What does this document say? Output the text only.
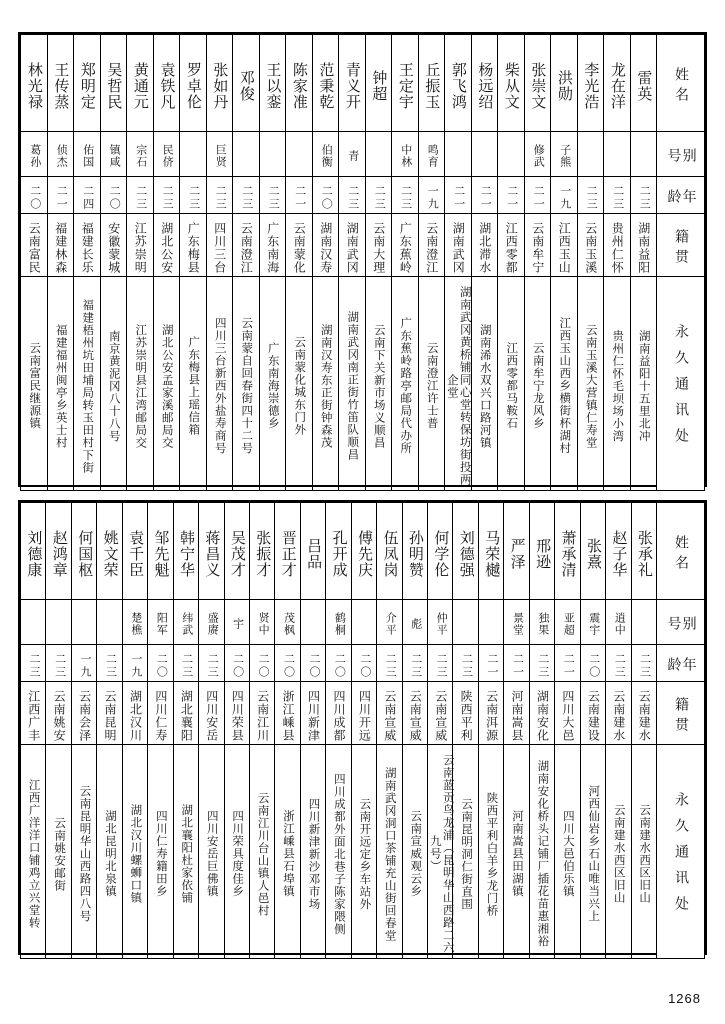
林光禄	王传蒸	郑明定	吴哲民	黄通元	袁铁凡	罗卓伦	张如丹	邓俊	王以銮	陈家准	范秉乾	青义开	钟超	王定宇	丘振玉	郭飞鸿	杨远绍	柴从文	张崇文	洪勋	李光浩	龙在洋	雷英	姓名

葛孙	侦杰	佑国	镇咸	宗石	民侪		巨贤				伯衡	青		中林	鸣育				修武	子熊				别号

二〇	二一	二四	二〇	二三	二三	二三	二三	二三	二三	二一	二〇	二三	二三	二三	一九	二一	二一	二一	二一	一九	二三	二三	二三	年龄

云南富民	福建林森	福建长乐	安徽蒙城	江苏崇明	湖北公安	广东梅县	四川三台	云南澄江	广东南海	云南蒙化	湖南汉寿	湖南武冈	云南大理	广东蕉岭	云南澄江	湖南武冈	湖北滞水	江西零都	云南牟宁	江西玉山	云南玉溪	贵州仁怀	湖南益阳	籍贯

云南富民继源镇	福建福州闽亭乡英士村	福建梧州坑田埔局转玉田村下街	南京黄泥冈八十八号	江苏崇明县江湾邮局交	湖北公安孟家溪邮局交	广东梅县上瑶信箱	四川三台新西外盐寿商号	云南蒙自回春街四十二号	广东南海崇德乡	云南蒙化城东门外	湖南汉寿东正街钟森茂	湖南武冈南正街竹笛队顺昌	云南下关新市场义顺昌	广东蕉岭路亭邮局代办所	云南澄江许士普	湖南武冈黄桥铺同心堂转保坊街投两企堂	湖南浠水双兴口路河镇	江西零都马鞍石	云南牟宁龙风乡	江西玉山西乡横街杯湖村	云南玉溪大营镇仁寿堂	贵州仁怀毛坝场小湾	湖南益阳十五里北冲	永久通讯处
刘德康	赵鸿章	何国枢	姚文荣	袁千臣	邹先魁	韩宁华	蒋昌义	吴茂才	张振才	晋正才	吕品	孔开成	傅先庆	伍凤岗	孙明赞	何学伦	刘德强	马荣樾	严泽	邢逊	萧承清	张熹	赵子华	张承礼	姓名

				楚樵	阳军	纬武	盛赓	宇	贤中	茂枫		鹤桐		介平	彪	仲平			景堂	独果	亚超	震宇	逍中		别号

二三	二三	一九	二三	一九	二〇	二三	二三	二〇	二〇	二〇	二〇	二〇	二〇	二三	二三	二三	二三	二一	二一	二三	二一	二〇	二三	二三	年龄

江西广丰	云南姚安	云南会泽	云南昆明	湖北汉川	四川仁寿	湖北襄阳	四川安岳	四川荣县	云南江川	浙江嵊县	四川新津	四川成都	四川开远	云南宣威	云南宣威	云南宣威	陕西平利	云南洱源	河南嵩县	湖南安化	四川大邑	云南建设	云南建水	云南建水	籍贯

江西广洋洋口铺鸡立兴堂转	云南姚安邮街	云南昆明华山西路四八号	湖北昆明北泉镇	湖北汉川螺蛳口镇	四川仁寿籍田乡	湖北襄阳杜家依铺	四川安岳巨佛镇	四川荣具度佳乡	云南江川台山镇人邑村	浙江嵊县石埠镇	四川新津新沙邓市场	四川成都外面北巷子陈家隈侧	云南开远定乡车站外	湖南武冈洞口茶铺充山街回春堂	云南宣威观云乡	云南蓝贡鸟龙浦（昆明华山西路二六九号）	云南昆明洞仁街直围	陕西平利白羊乡龙门桥	河南嵩县田湖镇	湖南安化桥头记铺厂插花苗惠湘裕	四川大邑伯乐镇	河西仙岩乡石山唯当兴上	云南建水西区旧山	云南建水西区旧山	永久通讯处
1268
